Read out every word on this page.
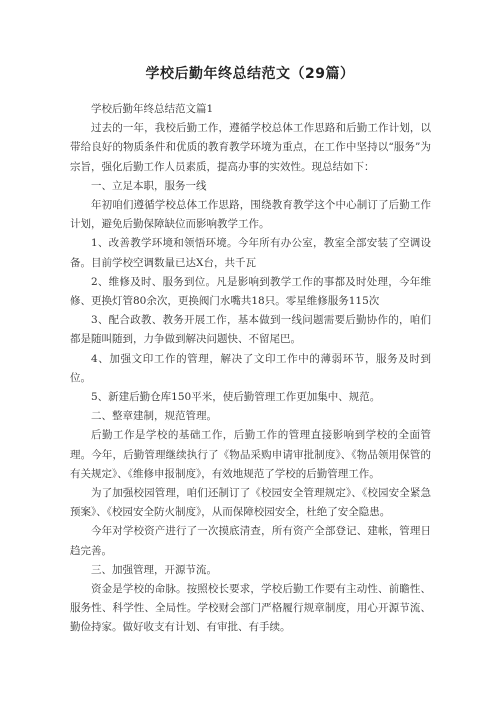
学校后勤年终总结范文（29篇）

学校后勤年终总结范文篇1

过去的一年，我校后勤工作，遵循学校总体工作思路和后勤工作计划，以带给良好的物质条件和优质的教育教学环境为重点，在工作中坚持以“服务”为宗旨，强化后勤工作人员素质，提高办事的实效性。现总结如下：

一、立足本职，服务一线

年初咱们遵循学校总体工作思路，围绕教育教学这个中心制订了后勤工作计划，避免后勤保障缺位而影响教学工作。

1、改善教学环境和领悟环境。今年所有办公室，教室全部安装了空调设备。目前学校空调数量已达X台，共千瓦

2、维修及时、服务到位。凡是影响到教学工作的事都及时处理，今年维修、更换灯管80余次，更换阀门水嘴共18只。零星维修服务115次

3、配合政教、教务开展工作，基本做到一线问题需要后勤协作的，咱们都是随叫随到，力争做到解决问题快、不留尾巴。

4、加强文印工作的管理，解决了文印工作中的薄弱环节，服务及时到位。

5、新建后勤仓库150平米，使后勤管理工作更加集中、规范。

二、整章建制，规范管理。

后勤工作是学校的基础工作，后勤工作的管理直接影响到学校的全面管理。今年，后勤管理继续执行了《物品采购申请审批制度》、《物品领用保管的有关规定》、《维修申报制度》，有效地规范了学校的后勤管理工作。

为了加强校园管理，咱们还制订了《校园安全管理规定》、《校园安全紧急预案》、《校园安全防火制度》，从而保障校园安全，杜绝了安全隐患。

今年对学校资产进行了一次摸底清查，所有资产全部登记、建帐，管理日趋完善。

三、加强管理，开源节流。

资金是学校的命脉。按照校长要求，学校后勤工作要有主动性、前瞻性、服务性、科学性、全局性。学校财会部门严格履行规章制度，用心开源节流、勤俭持家。做好收支有计划、有审批、有手续。
